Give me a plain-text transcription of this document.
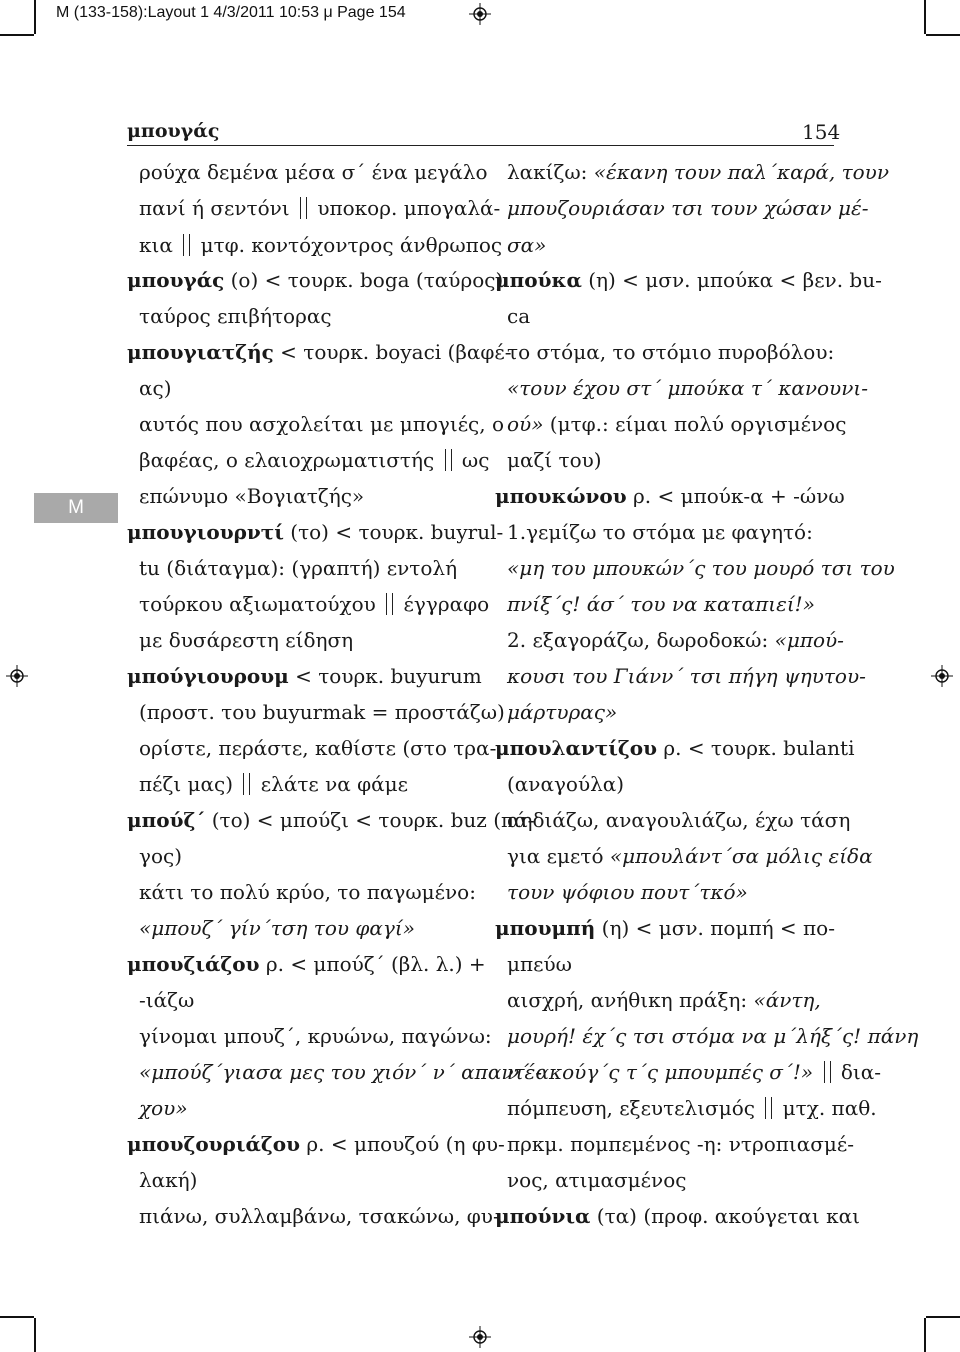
M (133-158):Layout 1 4/3/2011 10:53 μ Page 154
μπουγάς	154
Μ
ρούχα δεμένα μέσα σ΄ ένα μεγάλο
πανί ή σεντόνι  υποκορ. μπογαλά-
κια  μτφ. κοντόχοντρος άνθρωπος
μπουγάς (ο) < τουρκ. boga (ταύρος)
ταύρος επιβήτορας
μπουγιατζής < τουρκ. boyaci (βαφέ-
ας)
αυτός που ασχολείται με μπογιές, ο
βαφέας, ο ελαιοχρωματιστής  ως
επώνυμο «Βογιατζής»
μπουγιουρντί (το) < τουρκ. buyrul-
tu (διάταγμα): (γραπτή) εντολή
τούρκου αξιωματούχου  έγγραφο
με δυσάρεστη είδηση
μπούγιουρουμ < τουρκ. buyurum
(προστ. του buyurmak = προστάζω)
ορίστε, περάστε, καθίστε (στο τρα-
πέζι μας)  ελάτε να φάμε
μπούζ΄ (το) < μπούζι < τουρκ. buz (πά-
γος)
κάτι το πολύ κρύο, το παγωμένο:
«μπουζ΄ γίν΄τση του φαγί»
μπουζιάζου ρ. < μπούζ΄ (βλ. λ.) +
-ιάζω
γίνομαι μπουζ΄, κρυώνω, παγώνω:
«μπούζ΄γιασα μες του χιόν΄ ν΄ απαντέ-
χου»
μπουζουριάζου ρ. < μπουζού (η φυ-
λακή)
πιάνω, συλλαμβάνω, τσακώνω, φυ-
λακίζω: «έκανη τουν παλ΄καρά, τουν
μπουζουριάσαν τσι τουν χώσαν μέ-
σα»
μπούκα (η) < μσν. μπούκα < βεν. bu-
ca
το στόμα, το στόμιο πυροβόλου:
«τουν έχου στ΄ μπούκα τ΄ κανουνι-
ού» (μτφ.: είμαι πολύ οργισμένος
μαζί του)
μπουκώνου ρ. < μπούκ-α + -ώνω
1.γεμίζω το στόμα με φαγητό:
«μη του μπουκών΄ς του μουρό τσι του
πνίξ΄ς! άσ΄ του να καταπιεί!»
2. εξαγοράζω, δωροδοκώ: «μπού-
κουσι του Γιάνν΄ τσι πήγη ψηυτου-
μάρτυρας»
μπουλαντίζου ρ. < τουρκ. bulanti
(αναγούλα)
αηδιάζω, αναγουλιάζω, έχω τάση
για εμετό «μπουλάντ΄σα μόλις είδα
τουν ψόφιου πουτ΄τκό»
μπουμπή (η) < μσν. πομπή < πο-
μπεύω
αισχρή, ανήθικη πράξη: «άντη,
μουρή! έχ΄ς τσι στόμα να μ΄λήξ΄ς! πάνη
ν΄ ακούγ΄ς τ΄ς μπουμπές σ΄!»  δια-
πόμπευση, εξευτελισμός  μτχ. παθ.
πρκμ. πομπεμένος -η: ντροπιασμέ-
νος, ατιμασμένος
μπούνια (τα) (προφ. ακούγεται και
